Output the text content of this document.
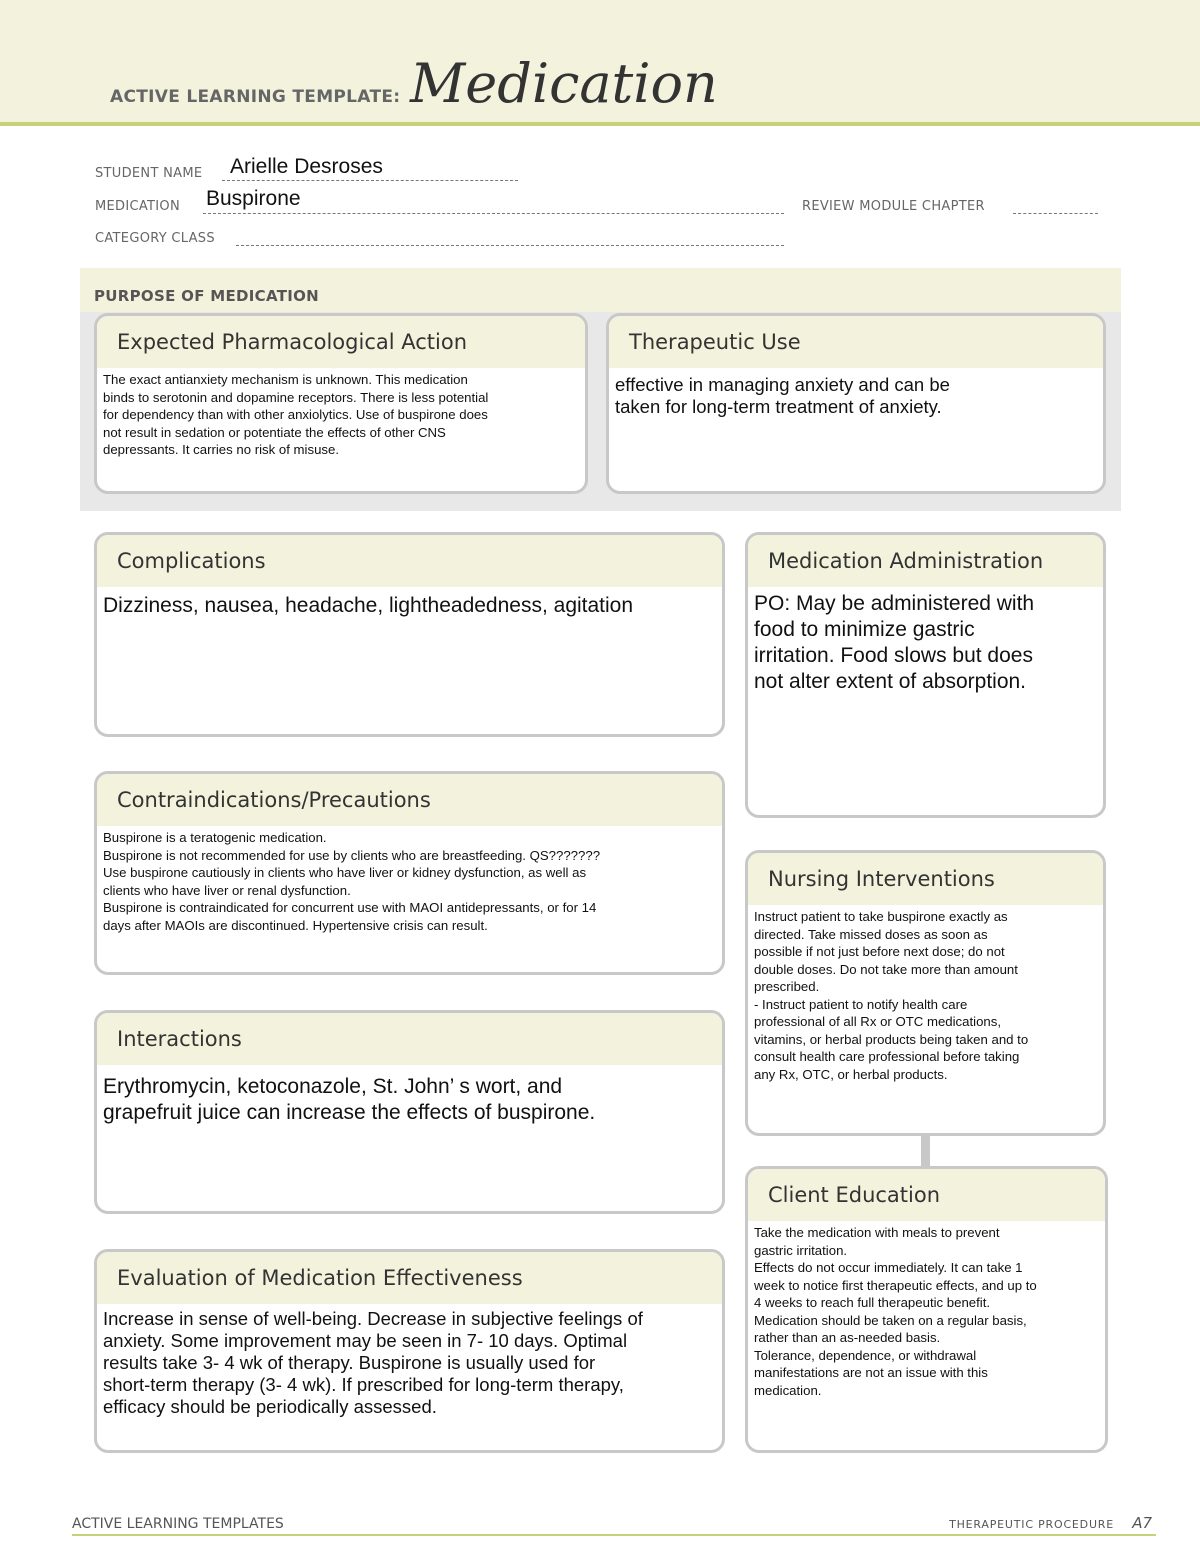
ACTIVE LEARNING TEMPLATE: Medication
STUDENT NAME Arielle Desroses
MEDICATION Buspirone	REVIEW MODULE CHAPTER
CATEGORY CLASS
PURPOSE OF MEDICATION
Expected Pharmacological Action
The exact antianxiety mechanism is unknown. This medication
binds to serotonin and dopamine receptors. There is less potential
for dependency than with other anxiolytics. Use of buspirone does
not result in sedation or potentiate the effects of other CNS
depressants. It carries no risk of misuse.
Therapeutic Use
effective in managing anxiety and can be
taken for long-term treatment of anxiety.
Complications
Dizziness, nausea, headache, lightheadedness, agitation
Contraindications/Precautions
Buspirone is a teratogenic medication.
Buspirone is not recommended for use by clients who are breastfeeding. QS???????
Use buspirone cautiously in clients who have liver or kidney dysfunction, as well as
clients who have liver or renal dysfunction.
Buspirone is contraindicated for concurrent use with MAOI antidepressants, or for 14
days after MAOIs are discontinued. Hypertensive crisis can result.
Interactions
Erythromycin, ketoconazole, St. John’ s wort, and
grapefruit juice can increase the effects of buspirone.
Evaluation of Medication Effectiveness
Increase in sense of well-being. Decrease in subjective feelings of
anxiety. Some improvement may be seen in 7- 10 days. Optimal
results take 3- 4 wk of therapy. Buspirone is usually used for
short-term therapy (3- 4 wk). If prescribed for long-term therapy,
efficacy should be periodically assessed.
Medication Administration
PO: May be administered with
food to minimize gastric
irritation. Food slows but does
not alter extent of absorption.
Nursing Interventions
Instruct patient to take buspirone exactly as
directed. Take missed doses as soon as
possible if not just before next dose; do not
double doses. Do not take more than amount
prescribed.
- Instruct patient to notify health care
professional of all Rx or OTC medications,
vitamins, or herbal products being taken and to
consult health care professional before taking
any Rx, OTC, or herbal products.
Client Education
Take the medication with meals to prevent
gastric irritation.
Effects do not occur immediately. It can take 1
week to notice first therapeutic effects, and up to
4 weeks to reach full therapeutic benefit.
Medication should be taken on a regular basis,
rather than an as-needed basis.
Tolerance, dependence, or withdrawal
manifestations are not an issue with this
medication.
ACTIVE LEARNING TEMPLATES	THERAPEUTIC PROCEDURE A7
